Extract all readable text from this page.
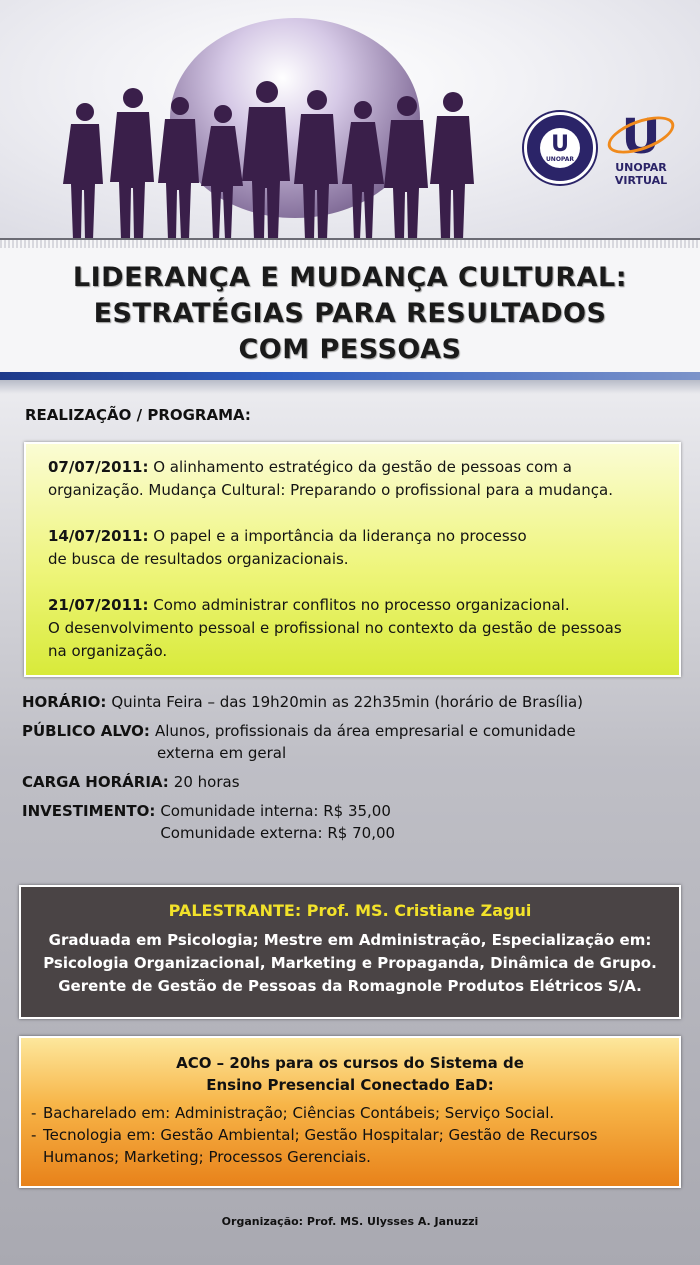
U
UNOPAR U
UNOPAR
VIRTUAL
LIDERANÇA E MUDANÇA CULTURAL:
ESTRATÉGIAS PARA RESULTADOS
COM PESSOAS
REALIZAÇÃO / PROGRAMA:
07/07/2011: O alinhamento estratégico da gestão de pessoas com a
organização. Mudança Cultural: Preparando o profissional para a mudança.
14/07/2011: O papel e a importância da liderança no processo
de busca de resultados organizacionais.
21/07/2011: Como administrar conflitos no processo organizacional.
O desenvolvimento pessoal e profissional no contexto da gestão de pessoas
na organização.
HORÁRIO: Quinta Feira – das 19h20min as 22h35min (horário de Brasília)
PÚBLICO ALVO: Alunos, profissionais da área empresarial e comunidade
externa em geral
CARGA HORÁRIA: 20 horas
INVESTIMENTO: Comunidade interna: R$ 35,00
Comunidade externa: R$ 70,00
PALESTRANTE: Prof. MS. Cristiane Zagui
Graduada em Psicologia; Mestre em Administração, Especialização em:
Psicologia Organizacional, Marketing e Propaganda, Dinâmica de Grupo.
Gerente de Gestão de Pessoas da Romagnole Produtos Elétricos S/A.
ACO – 20hs para os cursos do Sistema de
Ensino Presencial Conectado EaD:
- Bacharelado em: Administração; Ciências Contábeis; Serviço Social.
- Tecnologia em: Gestão Ambiental; Gestão Hospitalar; Gestão de Recursos
Humanos; Marketing; Processos Gerenciais.
Organização: Prof. MS. Ulysses A. Januzzi
